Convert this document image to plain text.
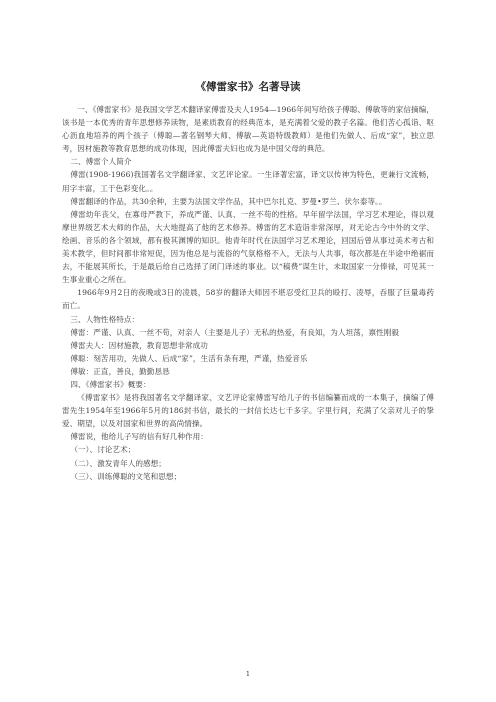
《傅雷家书》名著导读

一、《傅雷家书》是我国文学艺术翻译家傅雷及夫人1954—1966年间写给孩子傅聪、傅敏等的家信摘编，该书是一本优秀的青年思想修养读物，是素质教育的经典范本，是充满着父爱的教子名篇。他们苦心孤诣、呕心沥血地培养的两个孩子（傅聪—著名钢琴大师、傅敏—英语特级教师）是他们先做人、后成“家”，独立思考，因材施教等教育思想的成功体现，因此傅雷夫妇也成为是中国父母的典范。

二、傅雷个人简介

傅雷(1908-1966)我国著名文学翻译家、文艺评论家。一生译著宏富，译文以传神为特色，更兼行文流畅，用字丰富，工于色彩变化。。

傅雷翻译的作品，共30余种，主要为法国文学作品，其中巴尔扎克、罗曼•罗兰、伏尔泰等。。

傅雷幼年丧父，在寡母严教下，养成严谨、认真、一丝不苟的性格。早年留学法国，学习艺术理论，得以观摩世界级艺术大师的作品，大大地提高了他的艺术修养。傅雷的艺术造诣非常深厚，对无论古今中外的文学、绘画、音乐的各个领域，都有极其渊博的知识。他青年时代在法国学习艺术理论，回国后曾从事过美术考古和美术教学，但时间都非常短促，因为他总是与流俗的气氛格格不入，无法与人共事，每次都是在半途中绝裾而去，不能展其所长，于是最后给自己选择了闭门译述的事业。以“稿费”谋生计，未取国家一分俸禄，可见其一生事业重心之所在。

1966年9月2日的夜晚或3日的凌晨，58岁的翻译大师因不堪忍受红卫兵的殴打、凌辱，吞服了巨量毒药而亡。

三、人物性格特点：

傅雷：严谨、认真、一丝不苟，对亲人（主要是儿子）无私的热爱，有良知，为人坦荡，禀性刚毅

傅雷夫人：因材施教，教育思想非常成功

傅聪：刻苦用功，先做人、后成“家”，生活有条有理，严谨，热爱音乐

傅敏：正直，善良，勤勤恳恳

四、《傅雷家书》概要：

《傅雷家书》是将我国著名文学翻译家、文艺评论家傅雷写给儿子的书信编纂而成的一本集子，摘编了傅雷先生1954年至1966年5月的186封书信，最长的一封信长达七千多字。字里行间，充满了父亲对儿子的挚爱、期望，以及对国家和世界的高尚情操。

傅雷说，他给儿子写的信有好几种作用：

（一）、讨论艺术；

（二）、激发青年人的感想；

（三）、训练傅聪的文笔和思想；

1
